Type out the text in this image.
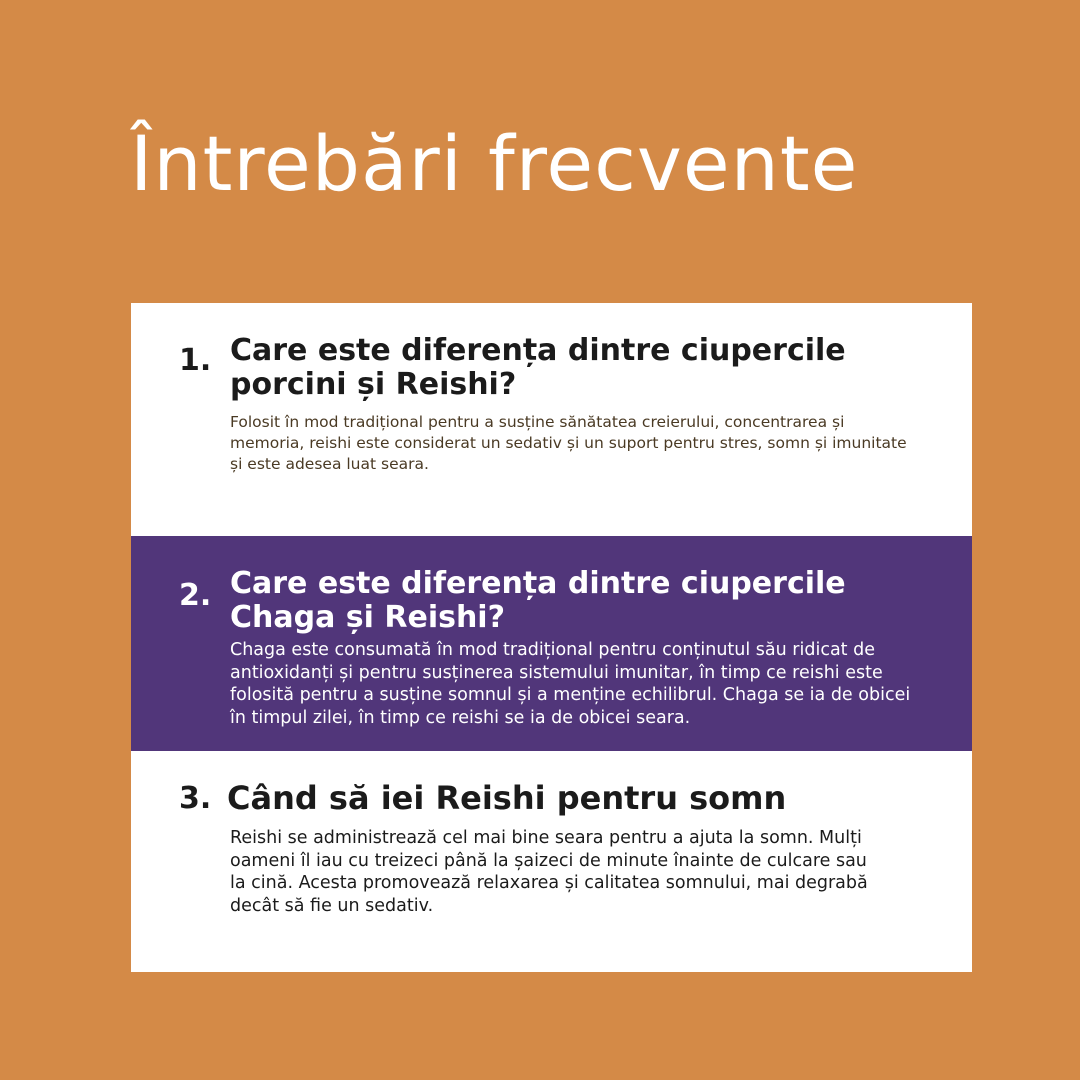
Întrebări frecvente
1. Care este diferența dintre ciupercile porcini și Reishi?

Folosit în mod tradițional pentru a susține sănătatea creierului, concentrarea și memoria, reishi este considerat un sedativ și un suport pentru stres, somn și imunitate și este adesea luat seara.

2. Care este diferența dintre ciupercile Chaga și Reishi?

Chaga este consumată în mod tradițional pentru conținutul său ridicat de antioxidanți și pentru susținerea sistemului imunitar, în timp ce reishi este folosită pentru a susține somnul și a menține echilibrul. Chaga se ia de obicei în timpul zilei, în timp ce reishi se ia de obicei seara.

3. Când să iei Reishi pentru somn

Reishi se administrează cel mai bine seara pentru a ajuta la somn. Mulți oameni îl iau cu treizeci până la șaizeci de minute înainte de culcare sau la cină. Acesta promovează relaxarea și calitatea somnului, mai degrabă decât să fie un sedativ.
